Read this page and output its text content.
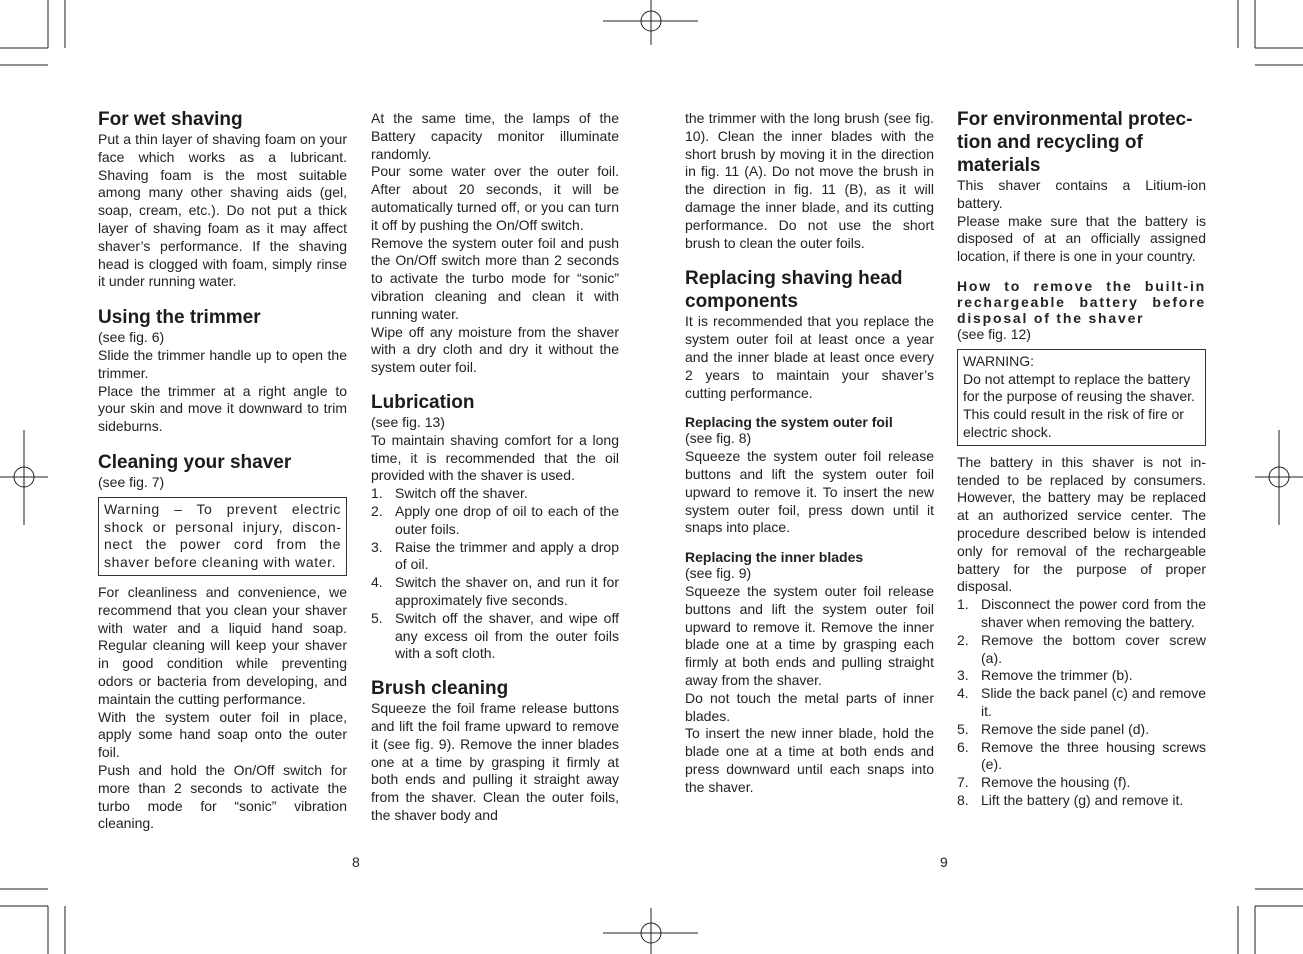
For wet shaving

Put a thin layer of shaving foam on your face which works as a lubricant. Shaving foam is the most suitable among many other shaving aids (gel, soap, cream, etc.). Do not put a thick layer of shaving foam as it may affect shaver’s performance. If the shaving head is clogged with foam, simply rinse it under running water.

Using the trimmer

(see fig. 6)

Slide the trimmer handle up to open the trimmer.

Place the trimmer at a right angle to your skin and move it downward to trim sideburns.

Cleaning your shaver

(see fig. 7)

Warning – To prevent electric shock or personal injury, disconnect the power cord from the shaver before cleaning with water.

For cleanliness and convenience, we recommend that you clean your shaver with water and a liquid hand soap. Regular cleaning will keep your shaver in good condition while preventing odors or bacteria from developing, and maintain the cutting performance.

With the system outer foil in place, apply some hand soap onto the outer foil.

Push and hold the On/Off switch for more than 2 seconds to activate the turbo mode for “sonic” vibration cleaning.

At the same time, the lamps of the Battery capacity monitor illuminate randomly.

Pour some water over the outer foil. After about 20 seconds, it will be automatically turned off, or you can turn it off by pushing the On/Off switch.

Remove the system outer foil and push the On/Off switch more than 2 seconds to activate the turbo mode for “sonic” vibration cleaning and clean it with running water.

Wipe off any moisture from the shaver with a dry cloth and dry it without the system outer foil.

Lubrication

(see fig. 13)

To maintain shaving comfort for a long time, it is recommended that the oil provided with the shaver is used.

1. Switch off the shaver.
2. Apply one drop of oil to each of the outer foils.
3. Raise the trimmer and apply a drop of oil.
4. Switch the shaver on, and run it for approximately five seconds.
5. Switch off the shaver, and wipe off any excess oil from the outer foils with a soft cloth.
Brush cleaning

Squeeze the foil frame release buttons and lift the foil frame upward to remove it (see fig. 9). Remove the inner blades one at a time by grasping it firmly at both ends and pulling it straight away from the shaver. Clean the outer foils, the shaver body and

the trimmer with the long brush (see fig. 10). Clean the inner blades with the short brush by moving it in the direction in fig. 11 (A). Do not move the brush in the direction in fig. 11 (B), as it will damage the inner blade, and its cutting performance. Do not use the short brush to clean the outer foils.

Replacing shaving head components

It is recommended that you replace the system outer foil at least once a year and the inner blade at least once every 2 years to maintain your shaver’s cutting performance.

Replacing the system outer foil

(see fig. 8)

Squeeze the system outer foil release buttons and lift the system outer foil upward to remove it. To insert the new system outer foil, press down until it snaps into place.

Replacing the inner blades

(see fig. 9)

Squeeze the system outer foil release buttons and lift the system outer foil upward to remove it. Remove the inner blade one at a time by grasping each firmly at both ends and pulling straight away from the shaver.

Do not touch the metal parts of inner blades.

To insert the new inner blade, hold the blade one at a time at both ends and press downward until each snaps into the shaver.

For environmental protection and recycling of materials

This shaver contains a Litium-ion battery.

Please make sure that the battery is disposed of at an officially assigned location, if there is one in your country.

How to remove the built-in rechargeable battery before disposal of the shaver

(see fig. 12)

WARNING:

Do not attempt to replace the battery for the purpose of reusing the shaver. This could result in the risk of fire or electric shock.

The battery in this shaver is not intended to be replaced by consumers. However, the battery may be replaced at an authorized service center. The procedure described below is intended only for removal of the rechargeable battery for the purpose of proper disposal.

1. Disconnect the power cord from the shaver when removing the battery.
2. Remove the bottom cover screw (a).
3. Remove the trimmer (b).
4. Slide the back panel (c) and remove it.
5. Remove the side panel (d).
6. Remove the three housing screws (e).
7. Remove the housing (f).
8. Lift the battery (g) and remove it.
8	9
